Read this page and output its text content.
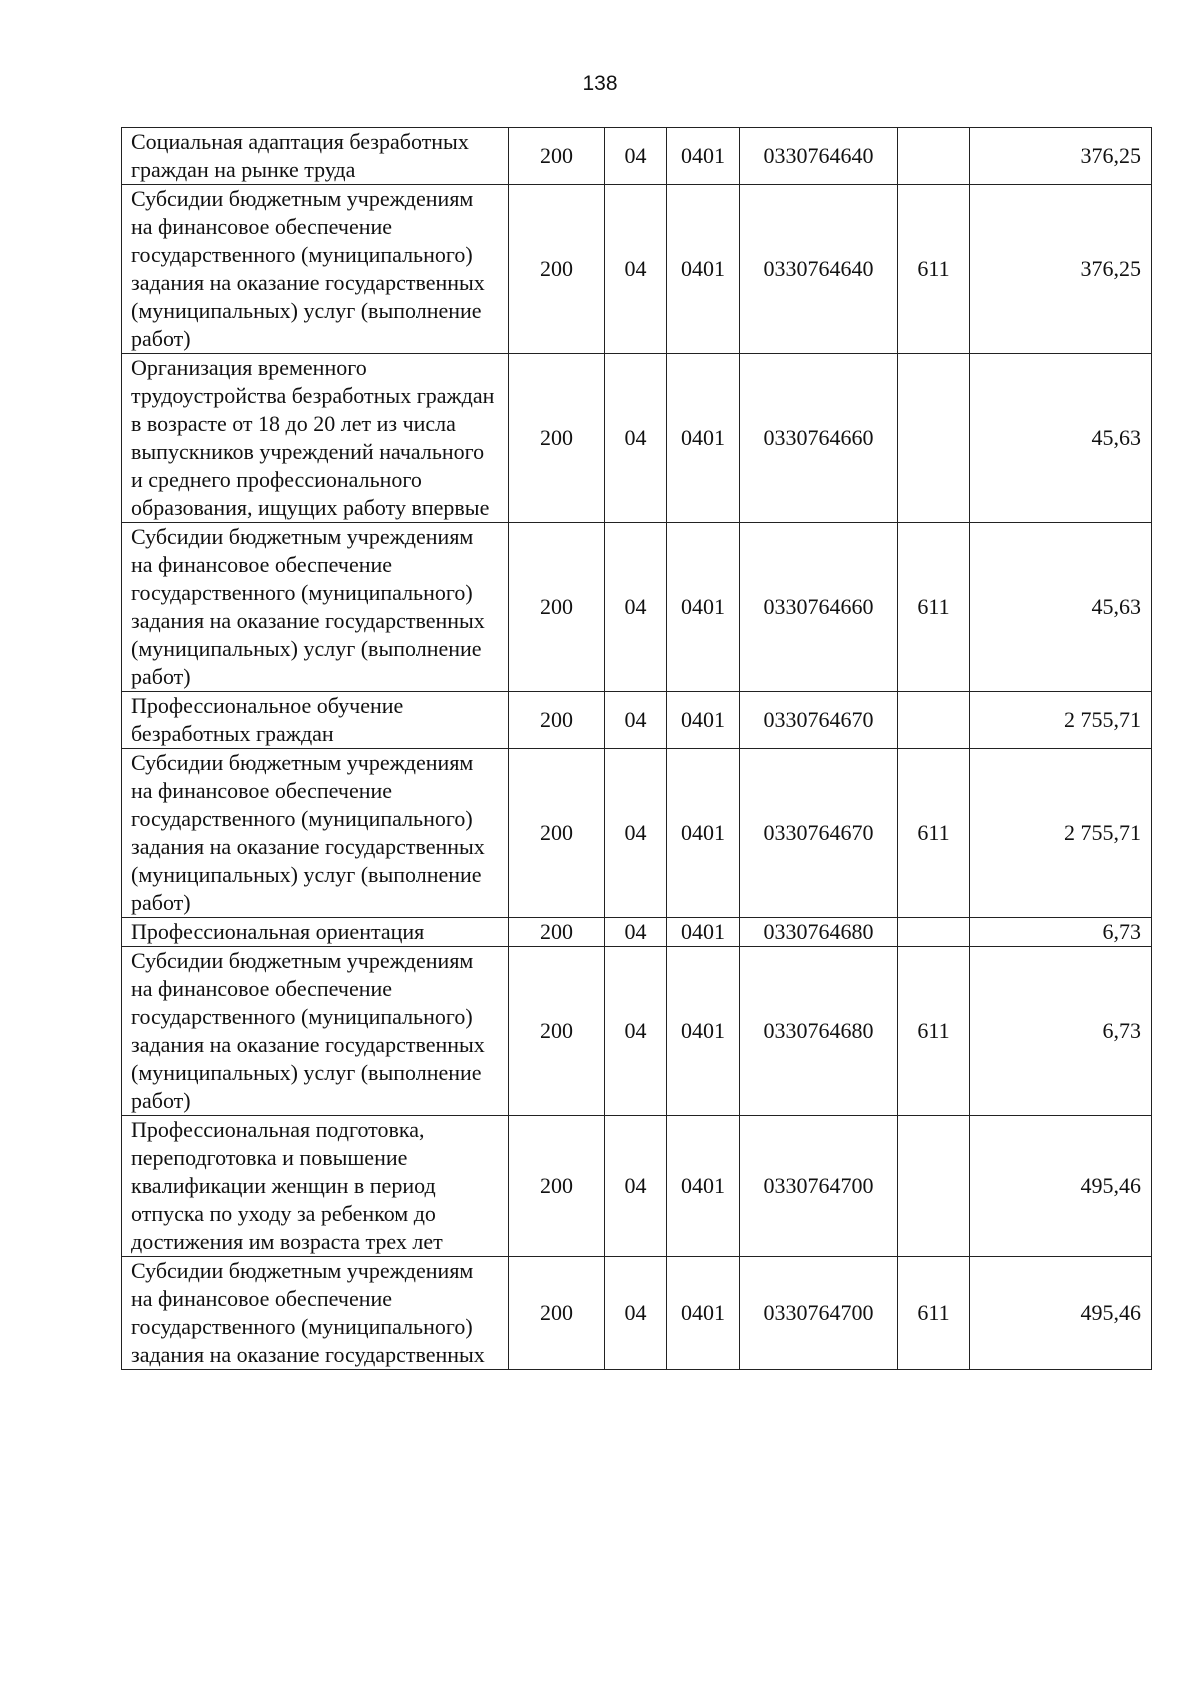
138
Социальная адаптация безработных граждан на рынке труда	200	04	0401	0330764640		376,25
Субсидии бюджетным учреждениям на финансовое обеспечение государственного (муниципального) задания на оказание государственных (муниципальных) услуг (выполнение работ)	200	04	0401	0330764640	611	376,25
Организация временного трудоустройства безработных граждан в возрасте от 18 до 20 лет из числа выпускников учреждений начального и среднего профессионального образования, ищущих работу впервые	200	04	0401	0330764660		45,63
Субсидии бюджетным учреждениям на финансовое обеспечение государственного (муниципального) задания на оказание государственных (муниципальных) услуг (выполнение работ)	200	04	0401	0330764660	611	45,63
Профессиональное обучение безработных граждан	200	04	0401	0330764670		2 755,71
Субсидии бюджетным учреждениям на финансовое обеспечение государственного (муниципального) задания на оказание государственных (муниципальных) услуг (выполнение работ)	200	04	0401	0330764670	611	2 755,71
Профессиональная ориентация	200	04	0401	0330764680		6,73
Субсидии бюджетным учреждениям на финансовое обеспечение государственного (муниципального) задания на оказание государственных (муниципальных) услуг (выполнение работ)	200	04	0401	0330764680	611	6,73
Профессиональная подготовка, переподготовка и повышение квалификации женщин в период отпуска по уходу за ребенком до достижения им возраста трех лет	200	04	0401	0330764700		495,46
Субсидии бюджетным учреждениям на финансовое обеспечение государственного (муниципального) задания на оказание государственных	200	04	0401	0330764700	611	495,46
